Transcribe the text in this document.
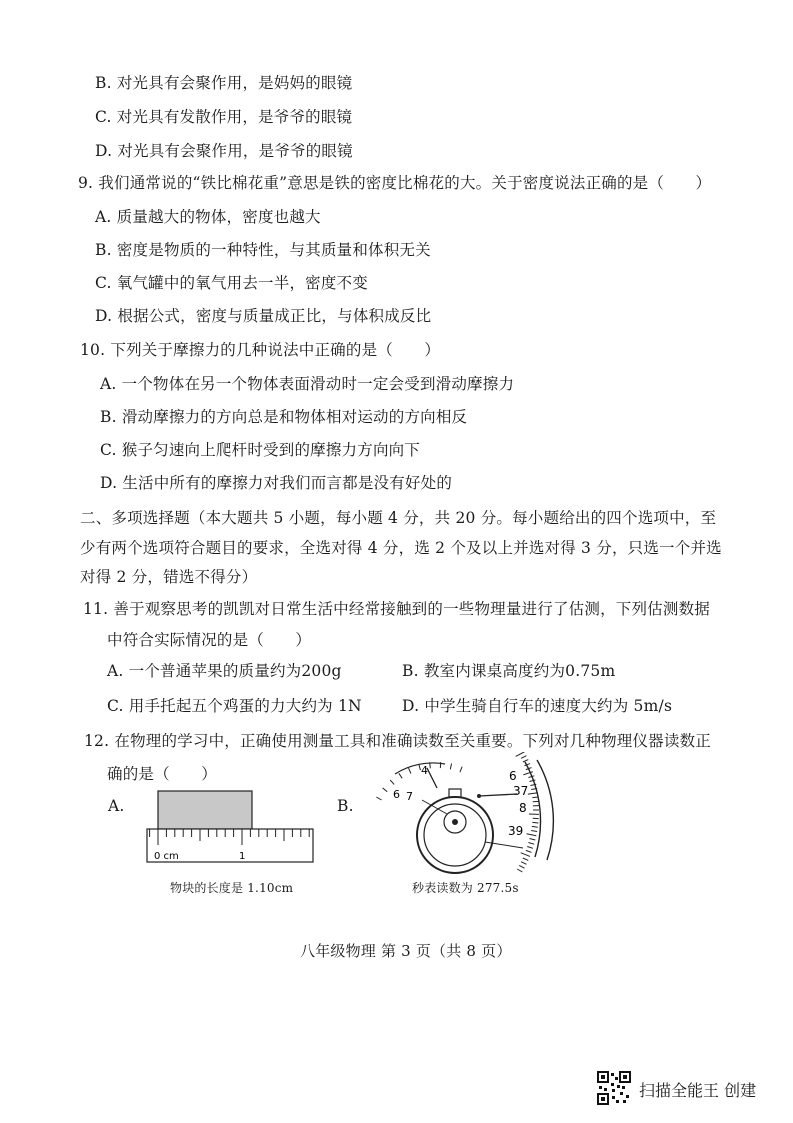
B. 对光具有会聚作用，是妈妈的眼镜
C. 对光具有发散作用，是爷爷的眼镜
D. 对光具有会聚作用，是爷爷的眼镜
9. 我们通常说的“铁比棉花重”意思是铁的密度比棉花的大。关于密度说法正确的是（　　）
A. 质量越大的物体，密度也越大
B. 密度是物质的一种特性，与其质量和体积无关
C. 氧气罐中的氧气用去一半，密度不变
D. 根据公式，密度与质量成正比，与体积成反比
10. 下列关于摩擦力的几种说法中正确的是（　　）
A. 一个物体在另一个物体表面滑动时一定会受到滑动摩擦力
B. 滑动摩擦力的方向总是和物体相对运动的方向相反
C. 猴子匀速向上爬杆时受到的摩擦力方向向下
D. 生活中所有的摩擦力对我们而言都是没有好处的
二、多项选择题（本大题共 5 小题，每小题 4 分，共 20 分。每小题给出的四个选项中，至
少有两个选项符合题目的要求，全选对得 4 分，选 2 个及以上并选对得 3 分，只选一个并选
对得 2 分，错选不得分）
11. 善于观察思考的凯凯对日常生活中经常接触到的一些物理量进行了估测，下列估测数据
中符合实际情况的是（　　）
A. 一个普通苹果的质量约为200g	B. 教室内课桌高度约为0.75m
C. 用手托起五个鸡蛋的力大约为 1N	D. 中学生骑自行车的速度大约为 5m/s
12. 在物理的学习中，正确使用测量工具和准确读数至关重要。下列对几种物理仪器读数正
确的是（　　）
A.	B.
0 cm	1
物块的长度是 1.10cm
4
6 7
6
37
8
39
秒表读数为 277.5s
八年级物理 第 3 页（共 8 页）
扫描全能王 创建
